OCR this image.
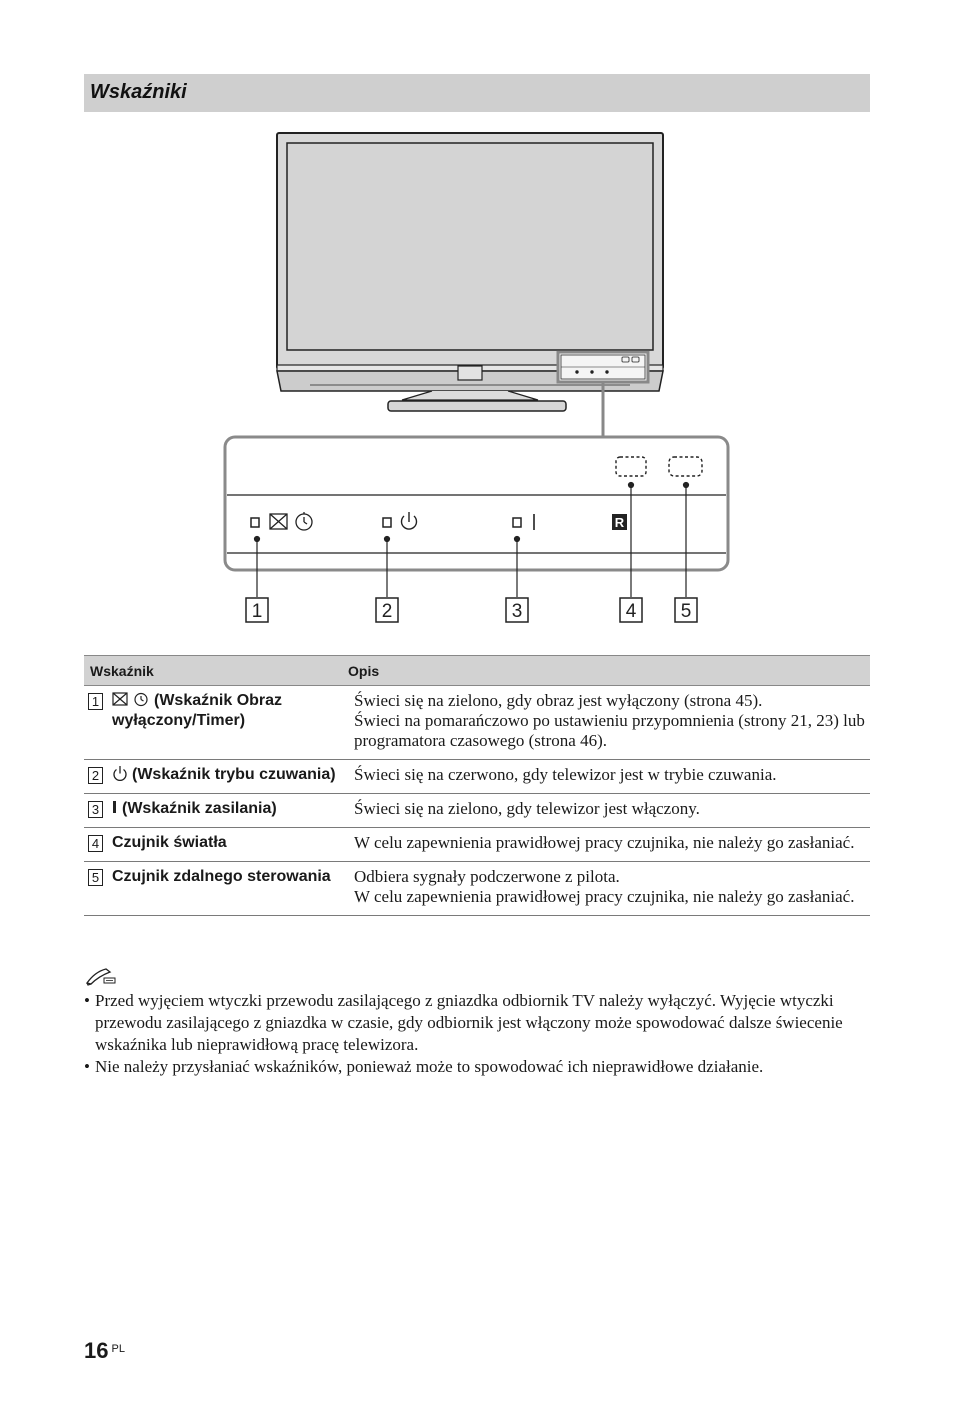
Wskaźniki
R
1	2	3	4 5
Wskaźnik	Opis

1 (Wskaźnik Obraz wyłączony/Timer)	Świeci się na zielono, gdy obraz jest wyłączony (strona 45).
Świeci na pomarańczowo po ustawieniu przypomnienia (strony 21, 23) lub programatora czasowego (strona 46).

2 (Wskaźnik trybu czuwania)	Świeci się na czerwono, gdy telewizor jest w trybie czuwania.

3 (Wskaźnik zasilania)	Świeci się na zielono, gdy telewizor jest włączony.

4 Czujnik światła	W celu zapewnienia prawidłowej pracy czujnika, nie należy go zasłaniać.

5 Czujnik zdalnego sterowania	Odbiera sygnały podczerwone z pilota.
W celu zapewnienia prawidłowej pracy czujnika, nie należy go zasłaniać.
• Przed wyjęciem wtyczki przewodu zasilającego z gniazdka odbiornik TV należy wyłączyć. Wyjęcie wtyczki przewodu zasilającego z gniazdka w czasie, gdy odbiornik jest włączony może spowodować dalsze świecenie wskaźnika lub nieprawidłową pracę telewizora.
• Nie należy przysłaniać wskaźników, ponieważ może to spowodować ich nieprawidłowe działanie.
16 $^{PL}$
